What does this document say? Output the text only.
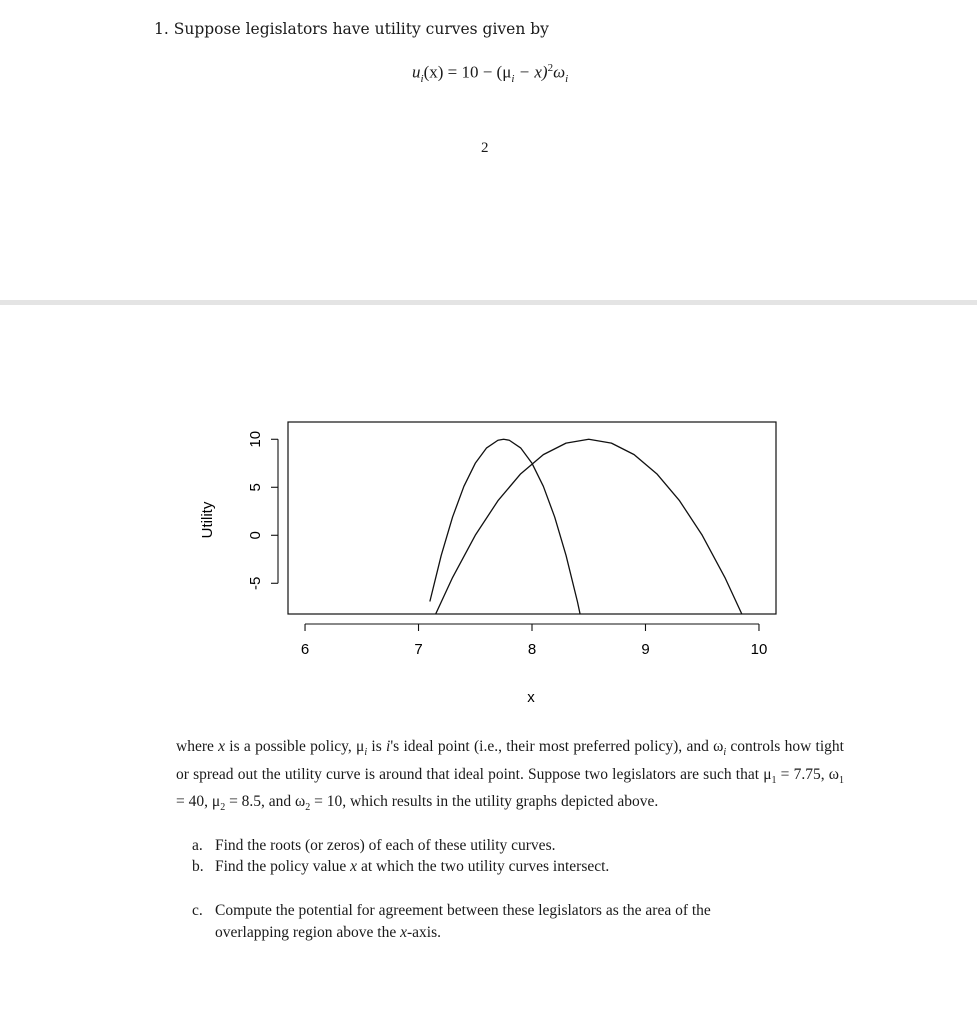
1. Suppose legislators have utility curves given by
$u_i(x) = 10 - (\mu_i - x)^2\omega_i$
2
-5
0
5
10
6	7	8	9	10
Utility
x
where x is a possible policy, $\mu_i$ is i's ideal point (i.e., their most preferred policy), and $\omega_i$ controls how tight or spread out the utility curve is around that ideal point. Suppose two legislators are such that $\mu_1 = 7.75$, $\omega_1 = 40$, $\mu_2 = 8.5$, and $\omega_2 = 10$, which results in the utility graphs depicted above.
a. Find the roots (or zeros) of each of these utility curves.
b. Find the policy value x at which the two utility curves intersect.
c. Compute the potential for agreement between these legislators as the area of the
overlapping region above the x-axis.
